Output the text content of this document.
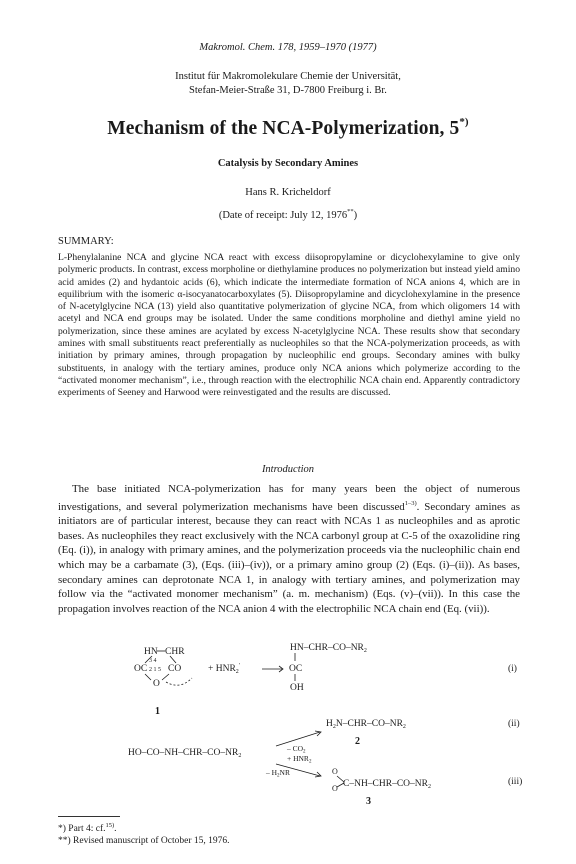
Makromol. Chem. 178, 1959–1970 (1977)
Institut für Makromolekulare Chemie der Universität,
Stefan-Meier-Straße 31, D-7800 Freiburg i. Br.
Mechanism of the NCA-Polymerization, 5*)
Catalysis by Secondary Amines
Hans R. Kricheldorf
(Date of receipt: July 12, 1976**)
SUMMARY:
L-Phenylalanine NCA and glycine NCA react with excess diisopropylamine or dicyclohexylamine to give only polymeric products. In contrast, excess morpholine or diethylamine produces no polymerization but instead yield amino acid amides (2) and hydantoic acids (6), which indicate the intermediate formation of NCA anions 4, which are in equilibrium with the isomeric α-isocyanatocarboxylates (5). Diisopropylamine and dicyclohexylamine in the presence of N-acetylglycine NCA (13) yield also quantitative polymerization of glycine NCA, from which oligomers 14 with acetyl and NCA end groups may be isolated. Under the same conditions morpholine and diethyl amine yield no polymerization, since these amines are acylated by excess N-acetylglycine NCA. These results show that secondary amines with small substituents react preferentially as nucleophiles so that the NCA-polymerization proceeds, as with initiation by primary amines, through propagation by nucleophilic end groups. Secondary amines with bulky substituents, in analogy with the tertiary amines, produce only NCA anions which polymerize according to the “activated monomer mechanism”, i.e., through reaction with the electrophilic NCA chain end. Apparently contradictory experiments of Seeney and Harwood were reinvestigated and the results are discussed.
Introduction
The base initiated NCA-polymerization has for many years been the object of numerous investigations, and several polymerization mechanisms have been discussed$^{1-3)}$. Secondary amines as initiators are of particular interest, because they can react with NCAs 1 as nucleophiles and as aprotic bases. As nucleophiles they react exclusively with the NCA carbonyl group at C-5 of the oxazolidine ring (Eq. (i)), in analogy with primary amines, and the polymerization proceeds via the nucleophilic chain end which may be a carbamate (3), (Eqs. (iii)–(iv)), or a primary amino group (2) (Eqs. (i)–(ii)). As bases, secondary amines can deprotonate NCA 1, in analogy with tertiary amines, and polymerization may follow via the “activated monomer mechanism” (a. m. mechanism) (Eqs. (v)–(vii)). In this case the propagation involves reaction of the NCA anion 4 with the electrophilic NCA chain end (Eq. (vii)).
HN CHR
3 4
OC 2 1 5 CO
O
1
+ $HNR_2'$
$HN-CHR-CO-NR_2$
OC
OH
(i)
$HO-CO-NH-CHR-CO-NR_2$
– $CO_2$
+ $HNR_2$
– $H_2NR$
$H_2N-CHR-CO-NR_2$
2
(ii)
O
O $C-NH-CHR-CO-NR_2$
3
(iii)
*) Part 4: cf.$^{15)}$.
**) Revised manuscript of October 15, 1976.
